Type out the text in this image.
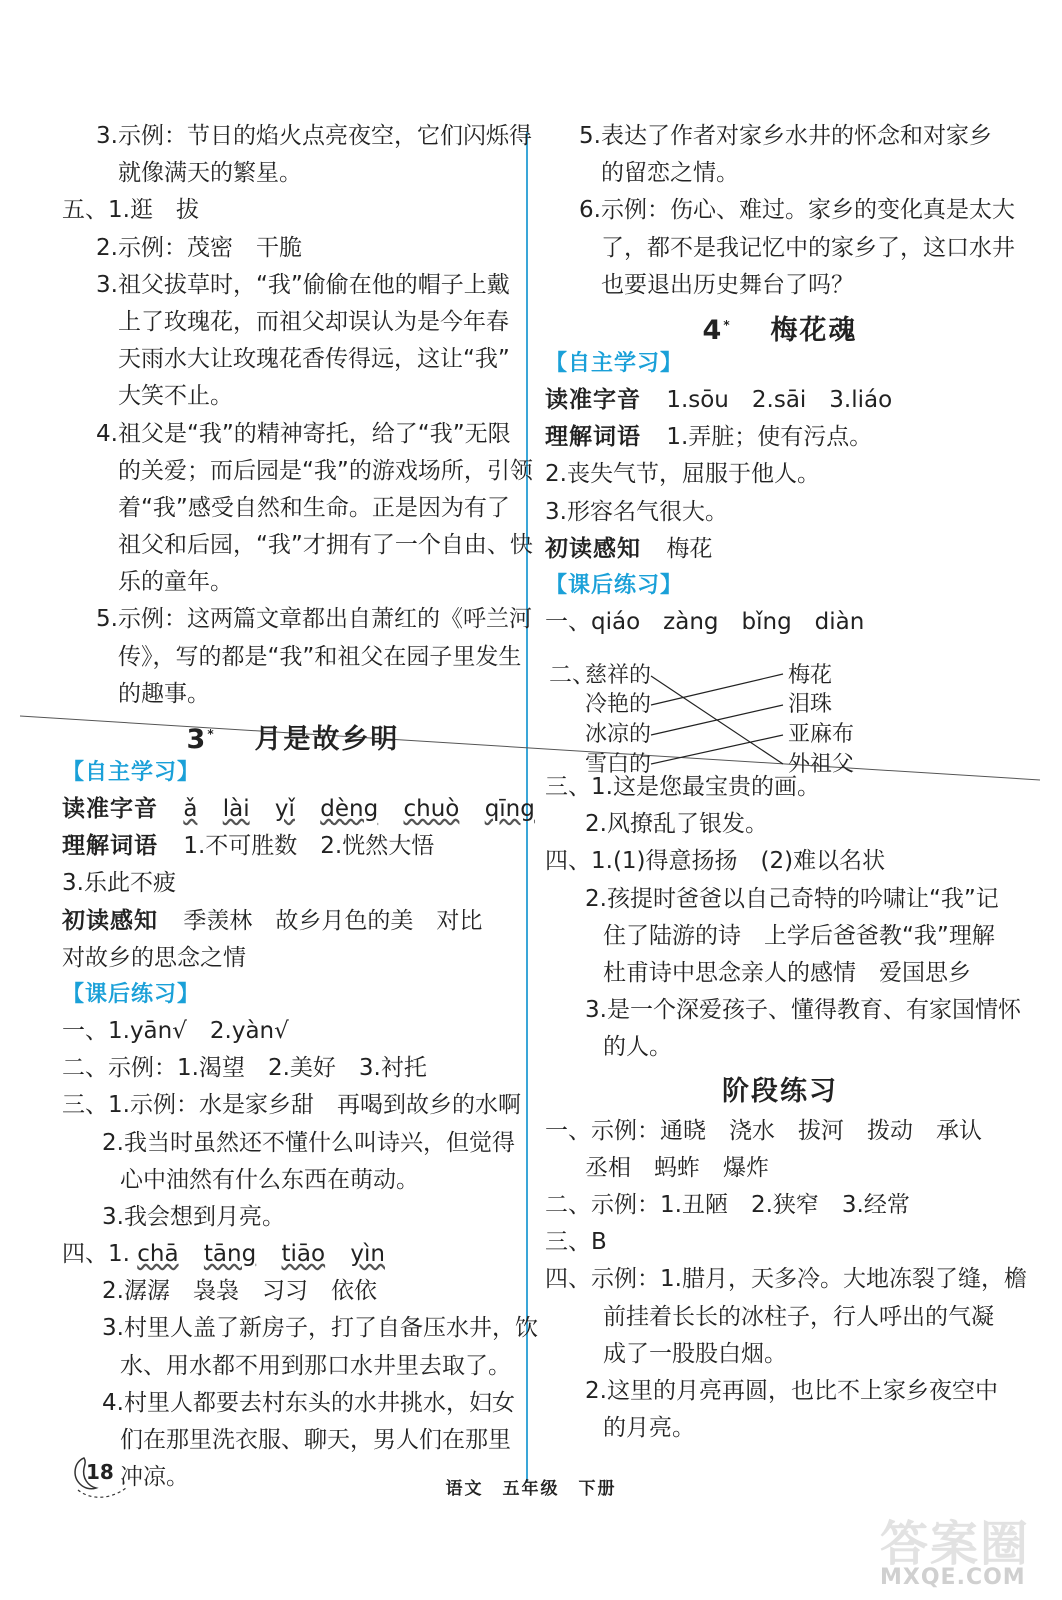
3.示例：节日的焰火点亮夜空，它们闪烁得
就像满天的繁星。
五、1.逛　拔
2.示例：茂密　干脆
3.祖父拔草时，“我”偷偷在他的帽子上戴
上了玫瑰花，而祖父却误认为是今年春
天雨水大让玫瑰花香传得远，这让“我”
大笑不止。
4.祖父是“我”的精神寄托，给了“我”无限
的关爱；而后园是“我”的游戏场所，引领
着“我”感受自然和生命。正是因为有了
祖父和后园，“我”才拥有了一个自由、快
乐的童年。
5.示例：这两篇文章都出自萧红的《呼兰河
传》，写的都是“我”和祖父在园子里发生
的趣事。
3* 月是故乡明
【自主学习】
读准字音 ǎ lài yǐ dèng chuò qīng
理解词语 1.不可胜数　2.恍然大悟
3.乐此不疲
初读感知 季羡林　故乡月色的美　对比
对故乡的思念之情
【课后练习】
一、1.yān√　2.yàn√
二、示例：1.渴望　2.美好　3.衬托
三、1.示例：水是家乡甜　再喝到故乡的水啊
2.我当时虽然还不懂什么叫诗兴，但觉得
心中油然有什么东西在萌动。
3.我会想到月亮。
四、1. chā tāng tiāo yìn
2.潺潺　袅袅　习习　依依
3.村里人盖了新房子，打了自备压水井，饮
水、用水都不用到那口水井里去取了。
4.村里人都要去村东头的水井挑水，妇女
们在那里洗衣服、聊天，男人们在那里
冲凉。
5.表达了作者对家乡水井的怀念和对家乡
的留恋之情。
6.示例：伤心、难过。家乡的变化真是太大
了，都不是我记忆中的家乡了，这口水井
也要退出历史舞台了吗？
4* 梅花魂
【自主学习】
读准字音 1.sōu　2.sāi　3.liáo
理解词语 1.弄脏；使有污点。
2.丧失气节，屈服于他人。
3.形容名气很大。
初读感知 梅花
【课后练习】
一、qiáo　zàng　bǐng　diàn
三、1.这是您最宝贵的画。
2.风撩乱了银发。
四、1.(1)得意扬扬　(2)难以名状
2.孩提时爸爸以自己奇特的吟啸让“我”记
住了陆游的诗　上学后爸爸教“我”理解
杜甫诗中思念亲人的感情　爱国思乡
3.是一个深爱孩子、懂得教育、有家国情怀
的人。
阶段练习
一、示例：通晓　浇水　拔河　拨动　承认
丞相　蚂蚱　爆炸
二、示例：1.丑陋　2.狭窄　3.经常
三、B
四、示例：1.腊月，天多冷。大地冻裂了缝，檐
前挂着长长的冰柱子，行人呼出的气凝
成了一股股白烟。
2.这里的月亮再圆，也比不上家乡夜空中
的月亮。
二、
慈祥的
冷艳的
冰凉的
雪白的
梅花
泪珠
亚麻布
外祖父
18
语文　五年级　下册
答案圈
MXQE.COM
